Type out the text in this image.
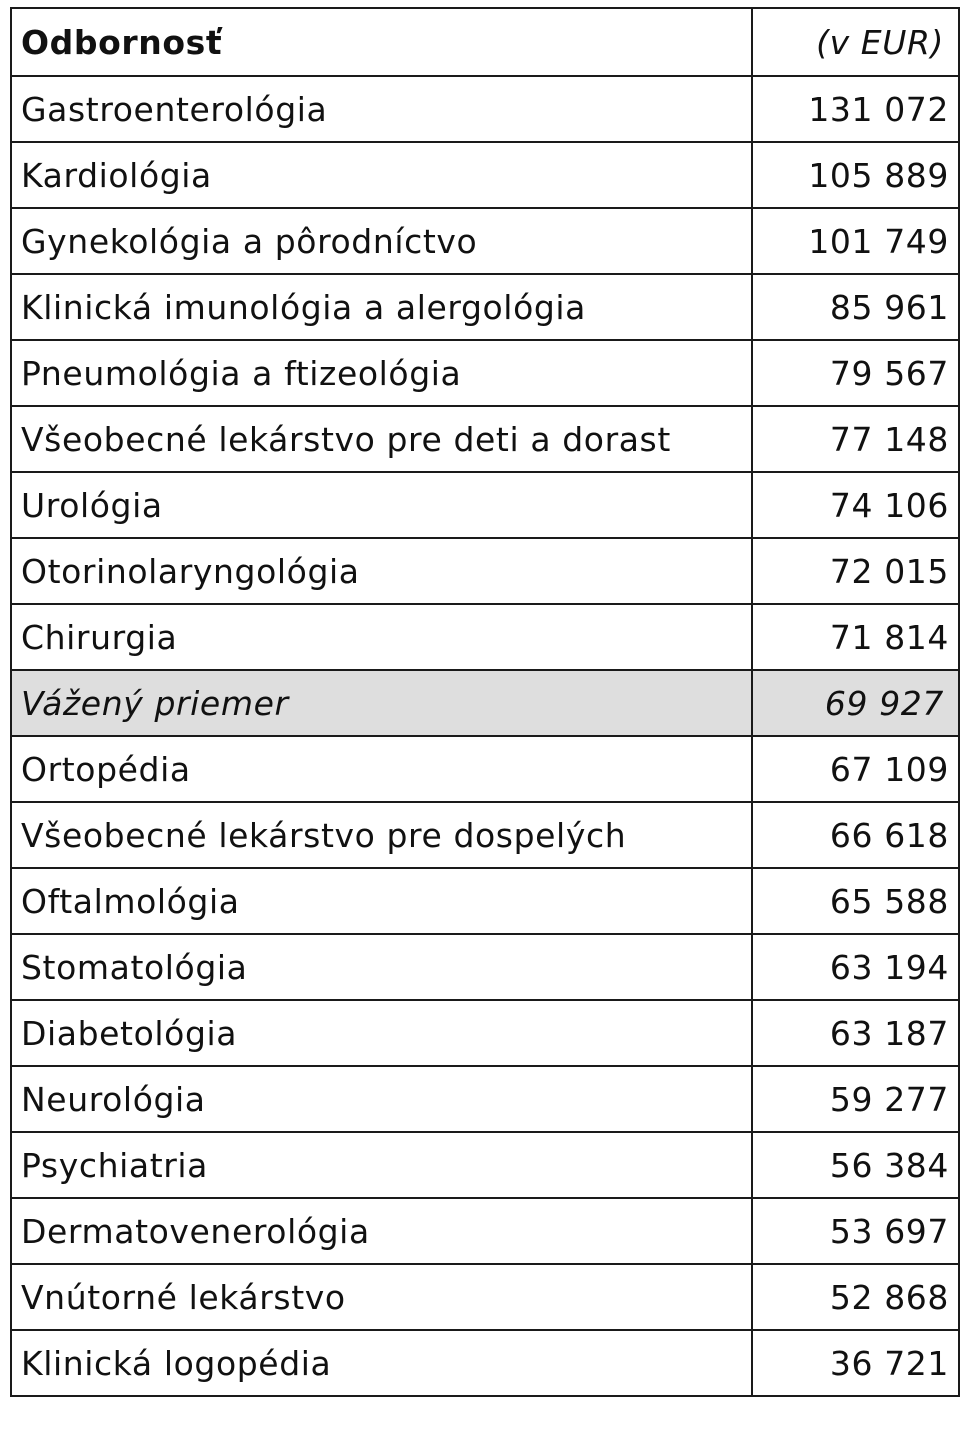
Odbornosť	(v EUR)
Gastroenterológia	131 072
Kardiológia	105 889
Gynekológia a pôrodníctvo	101 749
Klinická imunológia a alergológia	85 961
Pneumológia a ftizeológia	79 567
Všeobecné lekárstvo pre deti a dorast	77 148
Urológia	74 106
Otorinolaryngológia	72 015
Chirurgia	71 814
Vážený priemer	69 927
Ortopédia	67 109
Všeobecné lekárstvo pre dospelých	66 618
Oftalmológia	65 588
Stomatológia	63 194
Diabetológia	63 187
Neurológia	59 277
Psychiatria	56 384
Dermatovenerológia	53 697
Vnútorné lekárstvo	52 868
Klinická logopédia	36 721
